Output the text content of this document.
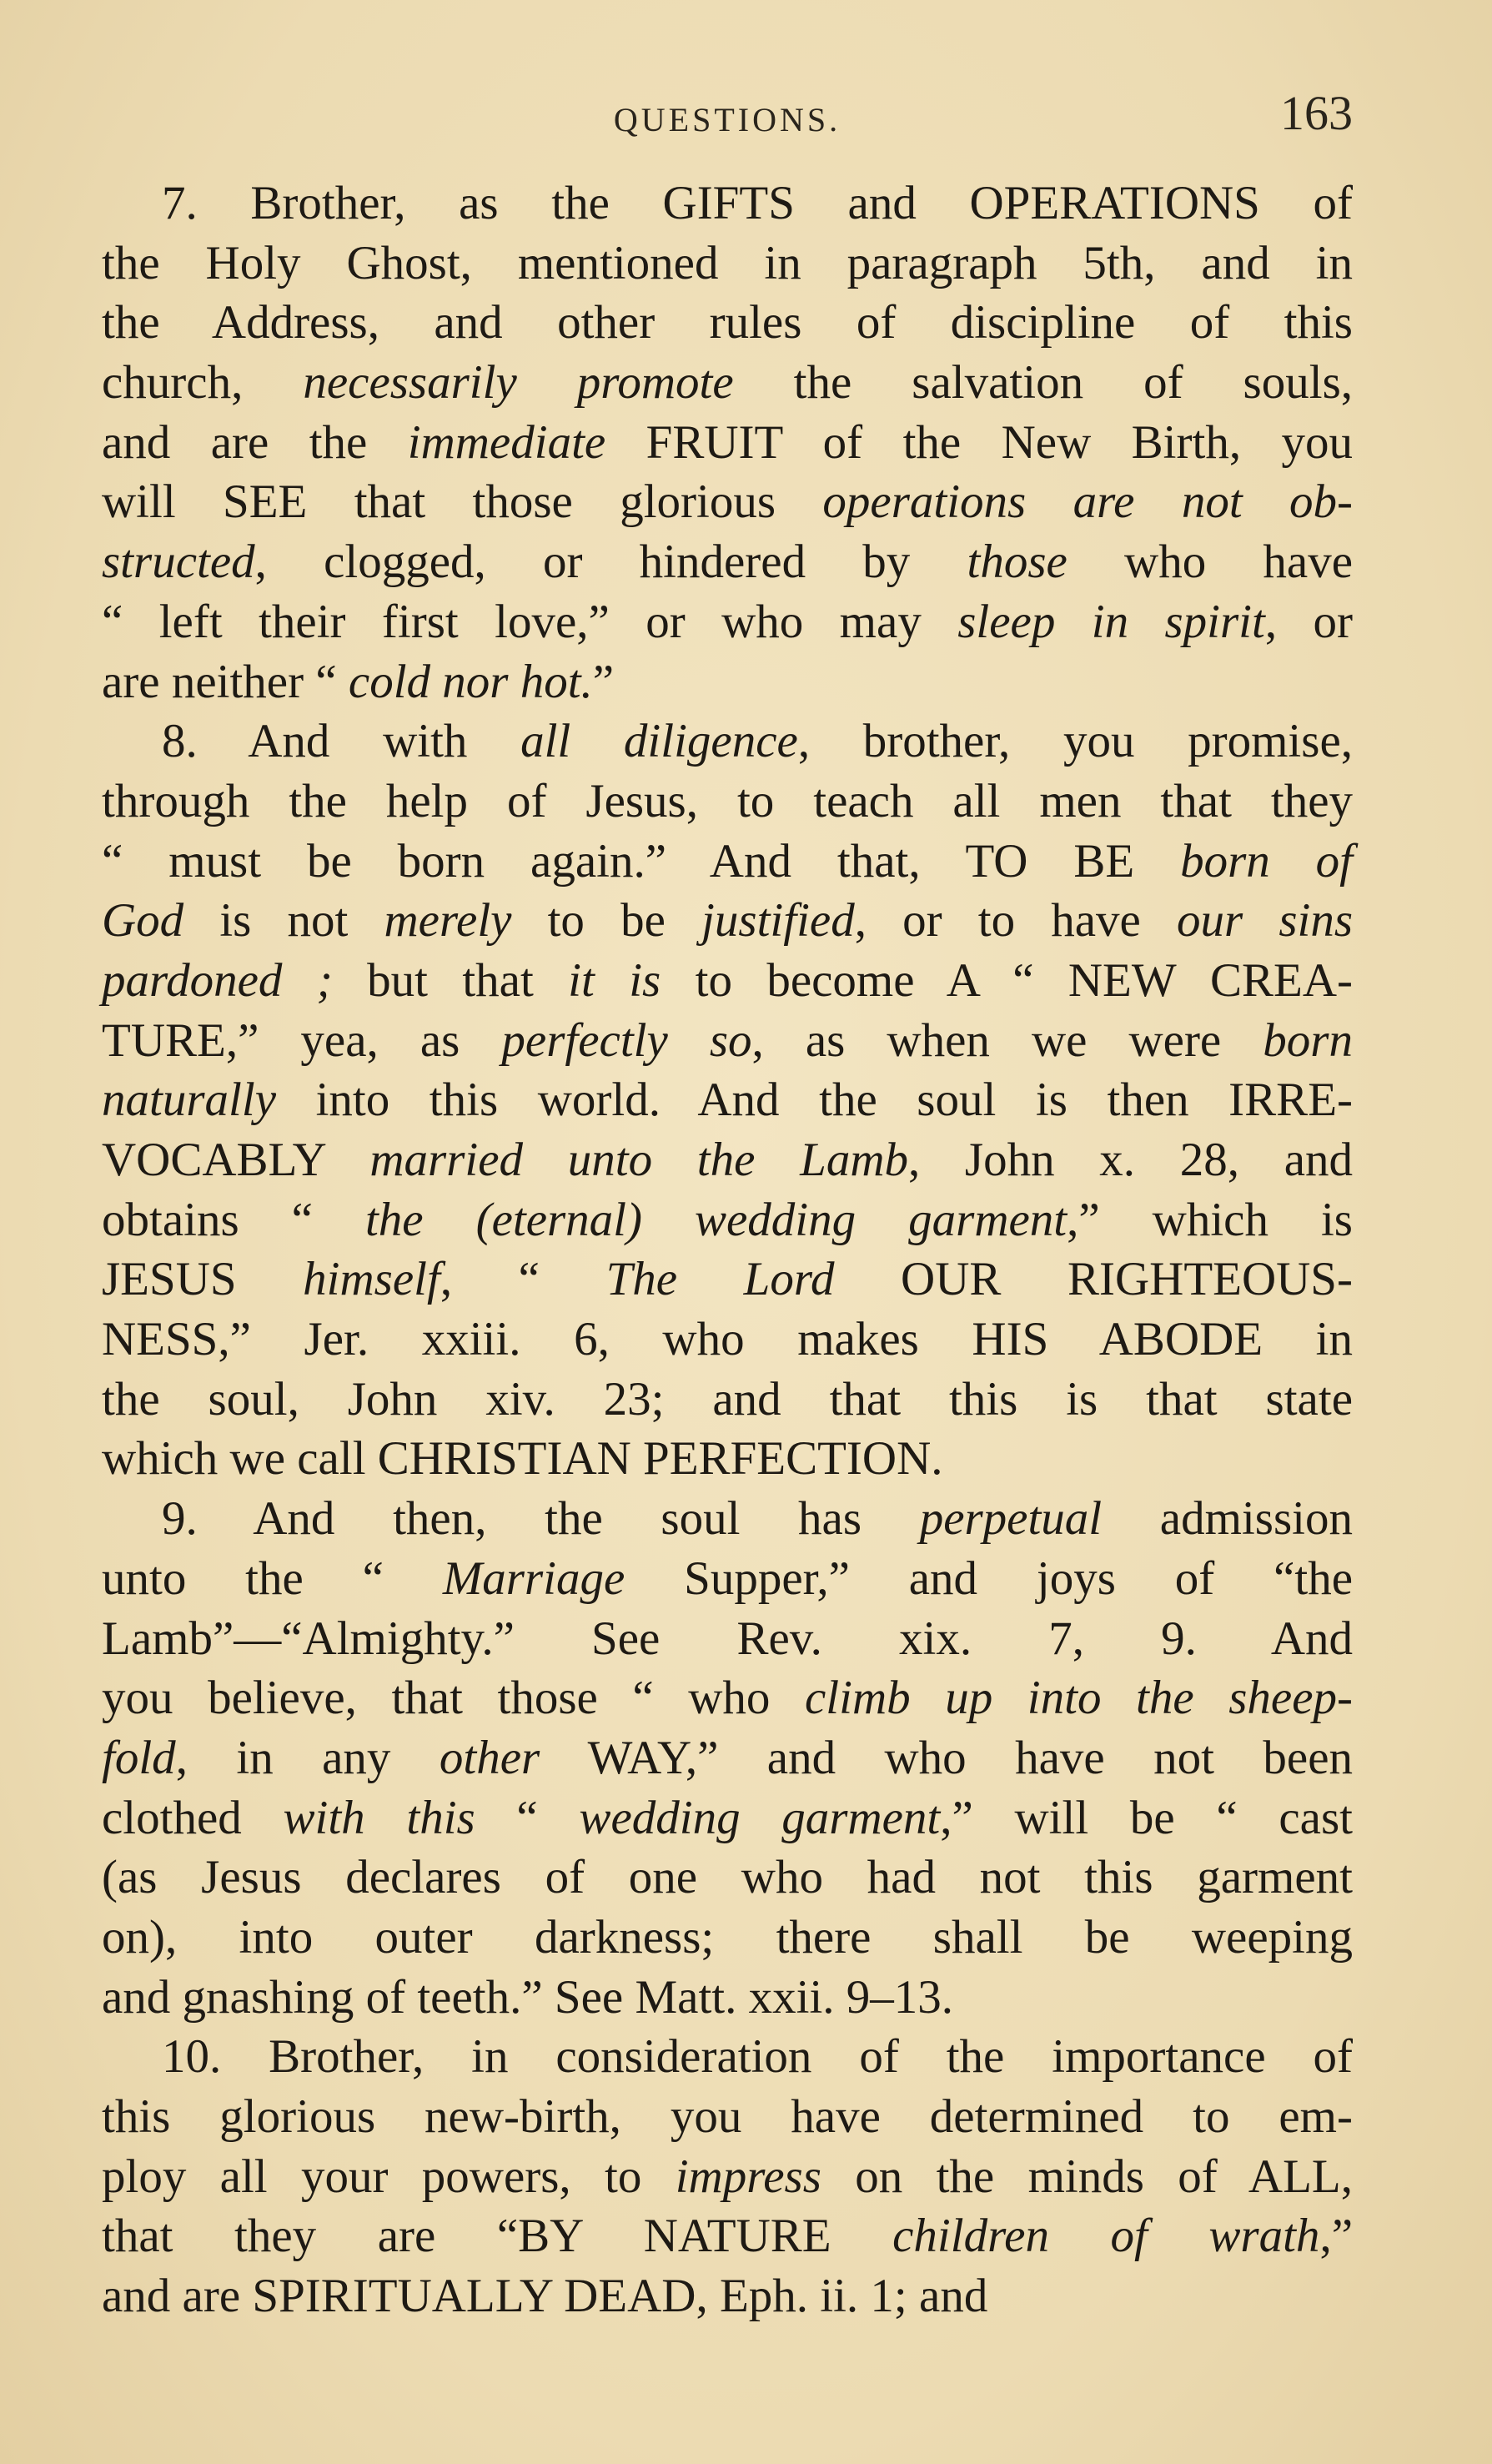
QUESTIONS.	163
7. Brother, as the GIFTS and OPERATIONS of
the Holy Ghost, mentioned in paragraph 5th, and in
the Address, and other rules of discipline of this
church, necessarily promote the salvation of souls,
and are the immediate FRUIT of the New Birth, you
will SEE that those glorious operations are not ob-
structed, clogged, or hindered by those who have
“ left their first love,” or who may sleep in spirit, or
are neither “ cold nor hot.”
8. And with all diligence, brother, you promise,
through the help of Jesus, to teach all men that they
“ must be born again.” And that, TO BE born of
God is not merely to be justified, or to have our sins
pardoned ; but that it is to become A “ NEW CREA-
TURE,” yea, as perfectly so, as when we were born
naturally into this world. And the soul is then IRRE-
VOCABLY married unto the Lamb, John x. 28, and
obtains “ the (eternal) wedding garment,” which is
JESUS himself, “ The Lord OUR RIGHTEOUS-
NESS,” Jer. xxiii. 6, who makes HIS ABODE in
the soul, John xiv. 23; and that this is that state
which we call CHRISTIAN PERFECTION.
9. And then, the soul has perpetual admission
unto the “ Marriage Supper,” and joys of “the
Lamb”—“Almighty.” See Rev. xix. 7, 9. And
you believe, that those “ who climb up into the sheep-
fold, in any other WAY,” and who have not been
clothed with this “ wedding garment,” will be “ cast
(as Jesus declares of one who had not this garment
on), into outer darkness; there shall be weeping
and gnashing of teeth.” See Matt. xxii. 9–13.
10. Brother, in consideration of the importance of
this glorious new-birth, you have determined to em-
ploy all your powers, to impress on the minds of ALL,
that they are “BY NATURE children of wrath,”
and are SPIRITUALLY DEAD, Eph. ii. 1; and
